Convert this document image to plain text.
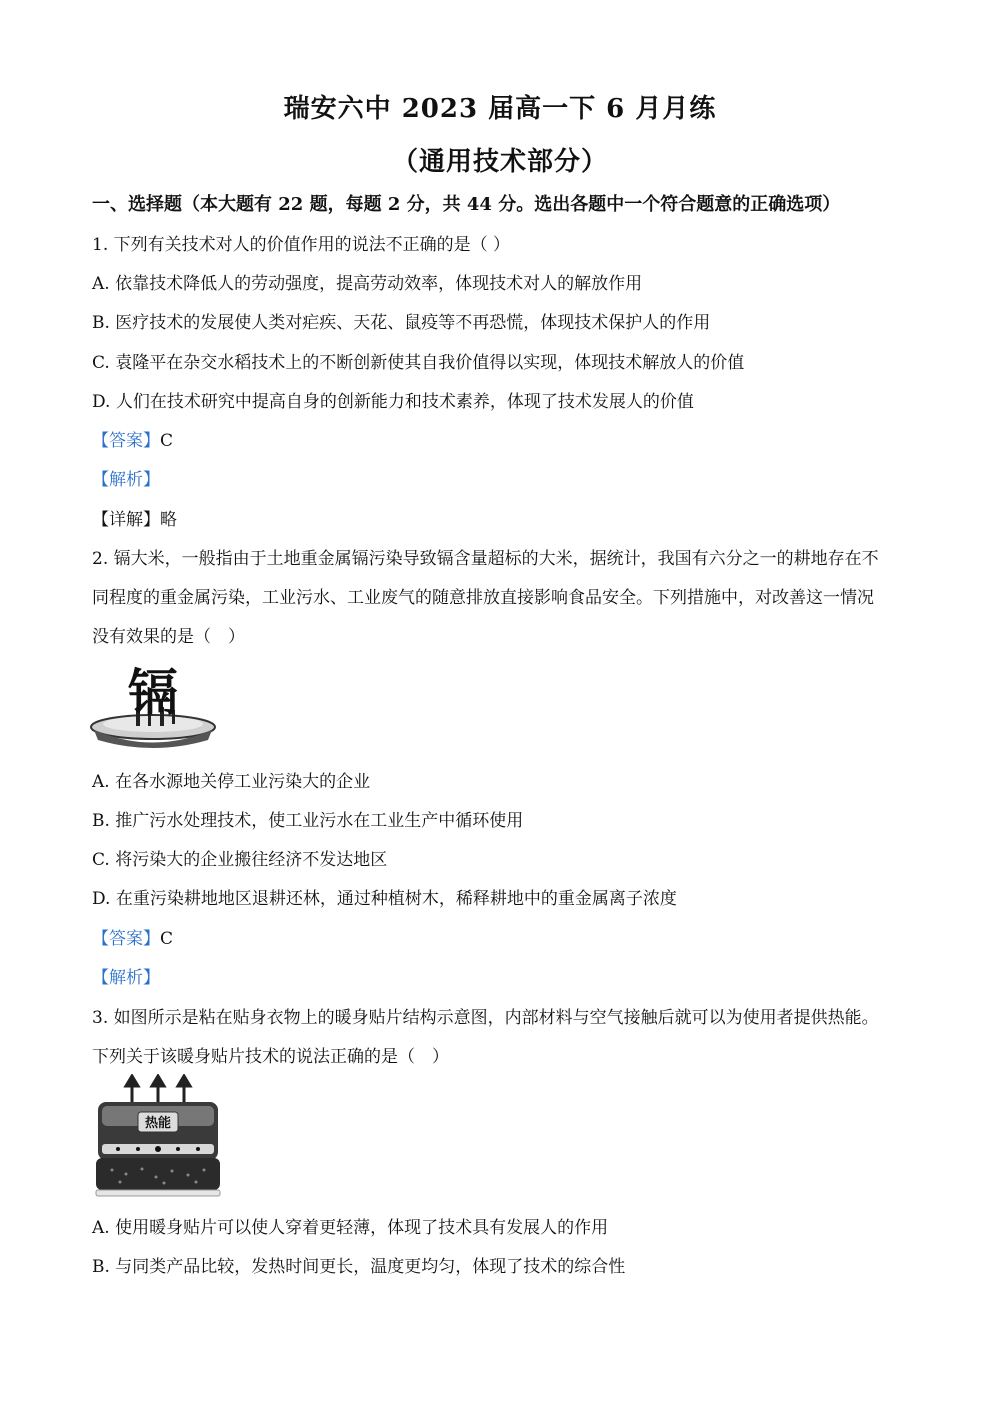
瑞安六中 2023 届高一下 6 月月练
（通用技术部分）
一、选择题（本大题有 22 题，每题 2 分，共 44 分。选出各题中一个符合题意的正确选项）
1. 下列有关技术对人的价值作用的说法不正确的是（ ）
A. 依靠技术降低人的劳动强度，提高劳动效率，体现技术对人的解放作用
B. 医疗技术的发展使人类对疟疾、天花、鼠疫等不再恐慌，体现技术保护人的作用
C. 袁隆平在杂交水稻技术上的不断创新使其自我价值得以实现，体现技术解放人的价值
D. 人们在技术研究中提高自身的创新能力和技术素养，体现了技术发展人的价值
【答案】C
【解析】
【详解】略
2. 镉大米，一般指由于土地重金属镉污染导致镉含量超标的大米，据统计，我国有六分之一的耕地存在不
同程度的重金属污染，工业污水、工业废气的随意排放直接影响食品安全。下列措施中，对改善这一情况
没有效果的是（　）
镉
A. 在各水源地关停工业污染大的企业
B. 推广污水处理技术，使工业污水在工业生产中循环使用
C. 将污染大的企业搬往经济不发达地区
D. 在重污染耕地地区退耕还林，通过种植树木，稀释耕地中的重金属离子浓度
【答案】C
【解析】
3. 如图所示是粘在贴身衣物上的暖身贴片结构示意图，内部材料与空气接触后就可以为使用者提供热能。
下列关于该暖身贴片技术的说法正确的是（　）
热能
A. 使用暖身贴片可以使人穿着更轻薄，体现了技术具有发展人的作用
B. 与同类产品比较，发热时间更长，温度更均匀，体现了技术的综合性
